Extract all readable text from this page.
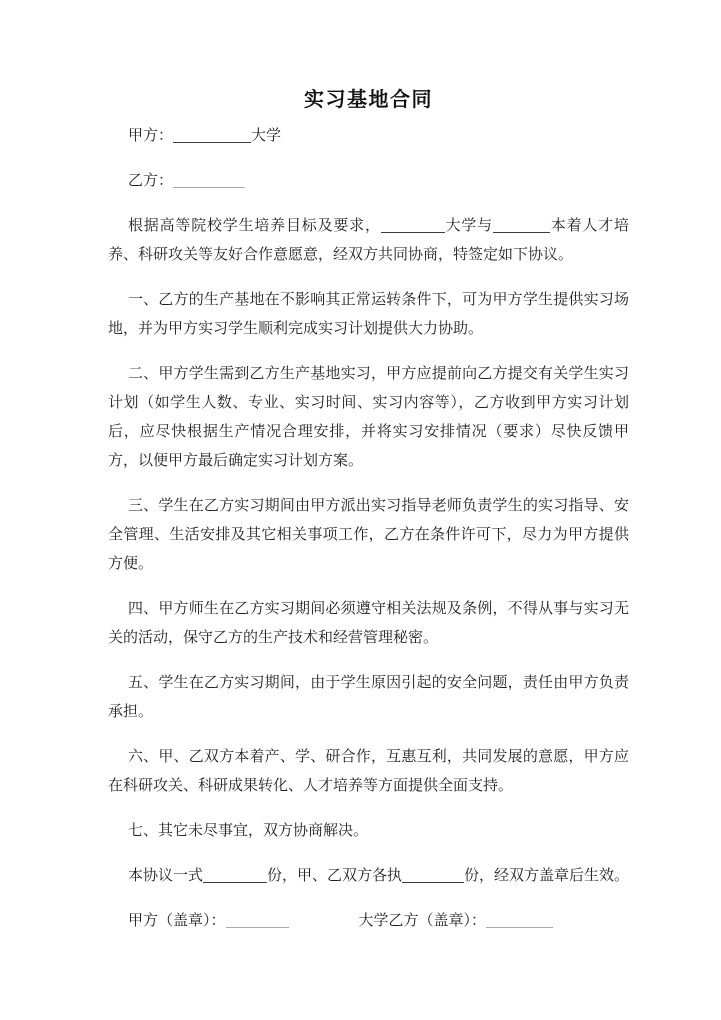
实习基地合同

甲方：	大学

乙方：

根据高等院校学生培养目标及要求，	大学与	本着人才培养、科研攻关等友好合作意愿意，经双方共同协商，特签定如下协议。

一、乙方的生产基地在不影响其正常运转条件下，可为甲方学生提供实习场地，并为甲方实习学生顺利完成实习计划提供大力协助。

二、甲方学生需到乙方生产基地实习，甲方应提前向乙方提交有关学生实习计划（如学生人数、专业、实习时间、实习内容等），乙方收到甲方实习计划后，应尽快根据生产情况合理安排，并将实习安排情况（要求）尽快反馈甲方，以便甲方最后确定实习计划方案。

三、学生在乙方实习期间由甲方派出实习指导老师负责学生的实习指导、安全管理、生活安排及其它相关事项工作，乙方在条件许可下，尽力为甲方提供方便。

四、甲方师生在乙方实习期间必须遵守相关法规及条例，不得从事与实习无关的活动，保守乙方的生产技术和经营管理秘密。

五、学生在乙方实习期间，由于学生原因引起的安全问题，责任由甲方负责承担。

六、甲、乙双方本着产、学、研合作，互惠互利，共同发展的意愿，甲方应在科研攻关、科研成果转化、人才培养等方面提供全面支持。

七、其它未尽事宜，双方协商解决。

本协议一式	份，甲、乙双方各执	份，经双方盖章后生效。

甲方（盖章）：	大学乙方（盖章）：
